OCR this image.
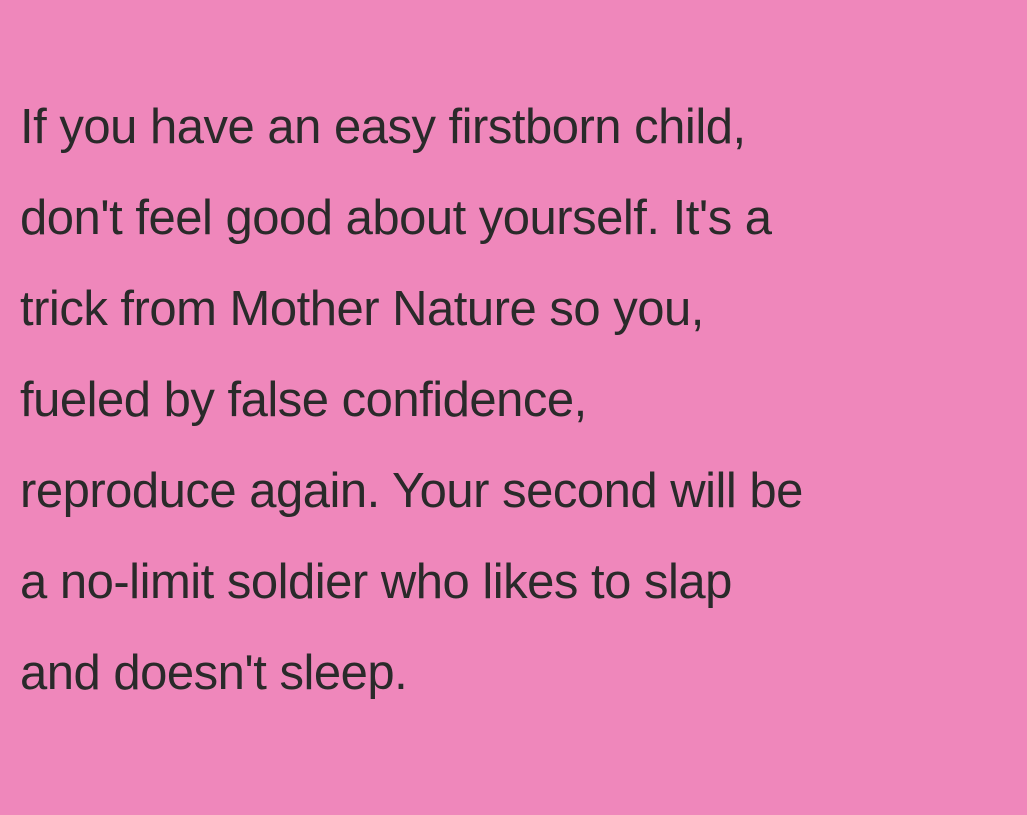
If you have an easy firstborn child,
don't feel good about yourself. It's a
trick from Mother Nature so you,
fueled by false confidence,
reproduce again. Your second will be
a no-limit soldier who likes to slap
and doesn't sleep.
